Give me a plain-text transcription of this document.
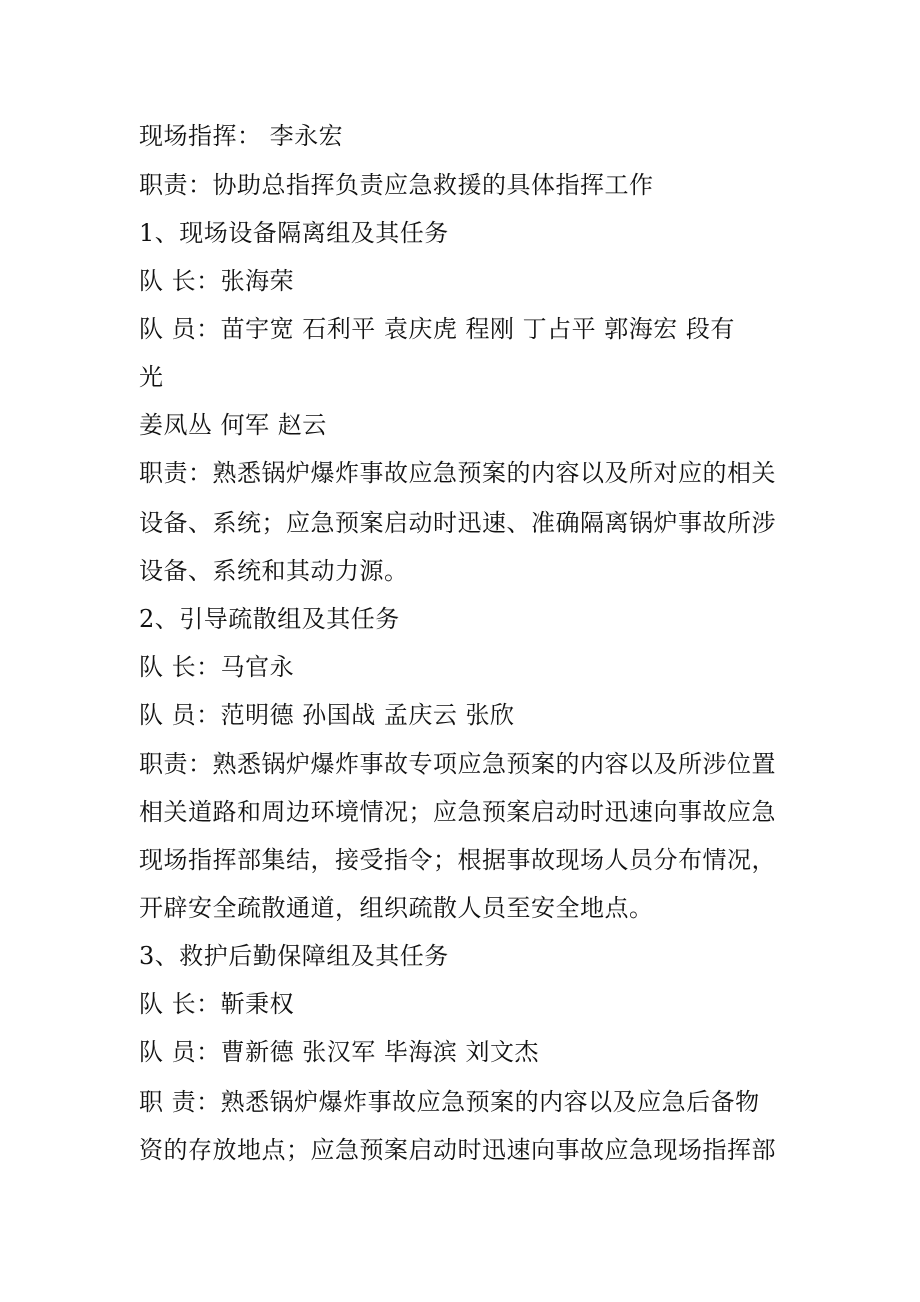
现场指挥： 李永宏
职责：协助总指挥负责应急救援的具体指挥工作
1、现场设备隔离组及其任务
队 长：张海荣
队 员：苗宇宽 石利平 袁庆虎 程刚 丁占平 郭海宏 段有
光
姜凤丛 何军 赵云
职责：熟悉锅炉爆炸事故应急预案的内容以及所对应的相关
设备、系统；应急预案启动时迅速、准确隔离锅炉事故所涉
设备、系统和其动力源。
2、引导疏散组及其任务
队 长：马官永
队 员：范明德 孙国战 孟庆云 张欣
职责：熟悉锅炉爆炸事故专项应急预案的内容以及所涉位置
相关道路和周边环境情况；应急预案启动时迅速向事故应急
现场指挥部集结，接受指令；根据事故现场人员分布情况，
开辟安全疏散通道，组织疏散人员至安全地点。
3、救护后勤保障组及其任务
队 长：靳秉权
队 员：曹新德 张汉军 毕海滨 刘文杰
职 责：熟悉锅炉爆炸事故应急预案的内容以及应急后备物
资的存放地点；应急预案启动时迅速向事故应急现场指挥部
